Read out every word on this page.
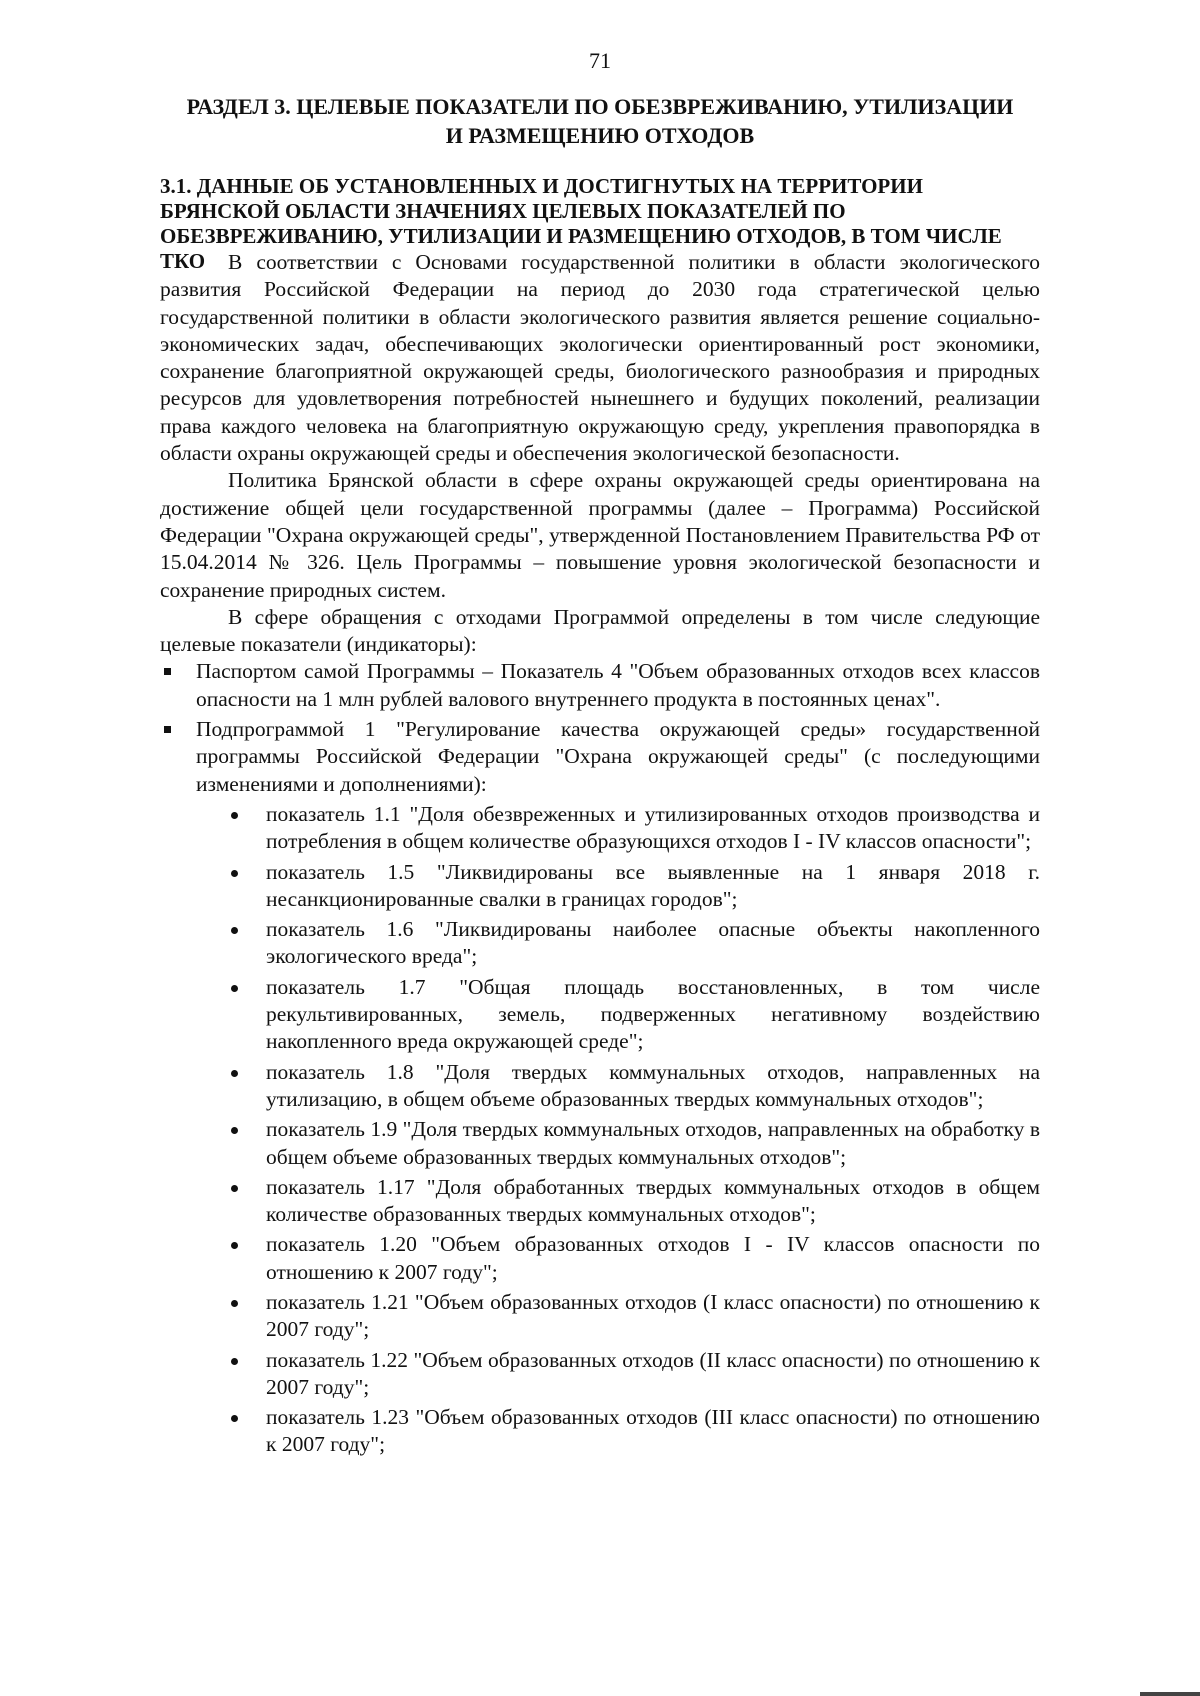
71
РАЗДЕЛ 3. ЦЕЛЕВЫЕ ПОКАЗАТЕЛИ ПО ОБЕЗВРЕЖИВАНИЮ, УТИЛИЗАЦИИ
И РАЗМЕЩЕНИЮ ОТХОДОВ
3.1. ДАННЫЕ ОБ УСТАНОВЛЕННЫХ И ДОСТИГНУТЫХ НА ТЕРРИТОРИИ БРЯНСКОЙ ОБЛАСТИ ЗНАЧЕНИЯХ ЦЕЛЕВЫХ ПОКАЗАТЕЛЕЙ ПО ОБЕЗВРЕЖИВАНИЮ, УТИЛИЗАЦИИ И РАЗМЕЩЕНИЮ ОТХОДОВ, В ТОМ ЧИСЛЕ ТКО	В соответствии с Основами государственной политики в области экологического развития Российской Федерации на период до 2030 года стратегической целью государственной политики в области экологического развития является решение социально-экономических задач, обеспечивающих экологически ориентированный рост экономики, сохранение благоприятной окружающей среды, биологического разнообразия и природных ресурсов для удовлетворения потребностей нынешнего и будущих поколений, реализации права каждого человека на благоприятную окружающую среду, укрепления правопорядка в области охраны окружающей среды и обеспечения экологической безопасности.

Политика Брянской области в сфере охраны окружающей среды ориентирована на достижение общей цели государственной программы (далее – Программа) Российской Федерации "Охрана окружающей среды", утвержденной Постановлением Правительства РФ от 15.04.2014 № 326. Цель Программы – повышение уровня экологической безопасности и сохранение природных систем.

В сфере обращения с отходами Программой определены в том числе следующие целевые показатели (индикаторы):

Паспортом самой Программы – Показатель 4 "Объем образованных отходов всех классов опасности на 1 млн рублей валового внутреннего продукта в постоянных ценах".
Подпрограммой 1 "Регулирование качества окружающей среды» государственной программы Российской Федерации "Охрана окружающей среды" (с последующими изменениями и дополнениями):
показатель 1.1 "Доля обезвреженных и утилизированных отходов производства и потребления в общем количестве образующихся отходов I - IV классов опасности";
показатель 1.5 "Ликвидированы все выявленные на 1 января 2018 г. несанкционированные свалки в границах городов";
показатель 1.6 "Ликвидированы наиболее опасные объекты накопленного экологического вреда";
показатель 1.7 "Общая площадь восстановленных, в том числе рекультивированных, земель, подверженных негативному воздействию накопленного вреда окружающей среде";
показатель 1.8 "Доля твердых коммунальных отходов, направленных на утилизацию, в общем объеме образованных твердых коммунальных отходов";
показатель 1.9 "Доля твердых коммунальных отходов, направленных на обработку в общем объеме образованных твердых коммунальных отходов";
показатель 1.17 "Доля обработанных твердых коммунальных отходов в общем количестве образованных твердых коммунальных отходов";
показатель 1.20 "Объем образованных отходов I - IV классов опасности по отношению к 2007 году";
показатель 1.21 "Объем образованных отходов (I класс опасности) по отношению к 2007 году";
показатель 1.22 "Объем образованных отходов (II класс опасности) по отношению к 2007 году";
показатель 1.23 "Объем образованных отходов (III класс опасности) по отношению к 2007 году";
